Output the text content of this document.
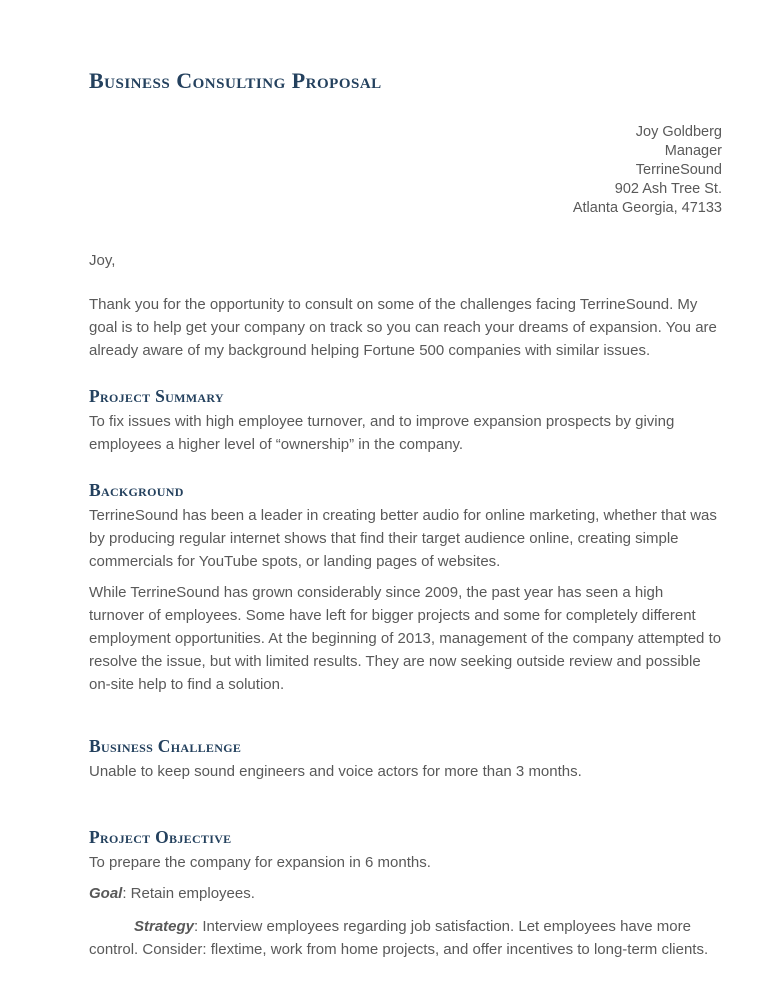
Business Consulting Proposal
Joy Goldberg
Manager
TerrineSound
902 Ash Tree St.
Atlanta Georgia, 47133

Joy,

Thank you for the opportunity to consult on some of the challenges facing TerrineSound. My goal is to help get your company on track so you can reach your dreams of expansion. You are already aware of my background helping Fortune 500 companies with similar issues.

Project Summary

To fix issues with high employee turnover, and to improve expansion prospects by giving employees a higher level of “ownership” in the company.

Background

TerrineSound has been a leader in creating better audio for online marketing, whether that was by producing regular internet shows that find their target audience online, creating simple commercials for YouTube spots, or landing pages of websites.

While TerrineSound has grown considerably since 2009, the past year has seen a high turnover of employees. Some have left for bigger projects and some for completely different employment opportunities. At the beginning of 2013, management of the company attempted to resolve the issue, but with limited results. They are now seeking outside review and possible on-site help to find a solution.

Business Challenge

Unable to keep sound engineers and voice actors for more than 3 months.

Project Objective

To prepare the company for expansion in 6 months.

Goal: Retain employees.

Strategy: Interview employees regarding job satisfaction. Let employees have more control. Consider: flextime, work from home projects, and offer incentives to long-term clients.
